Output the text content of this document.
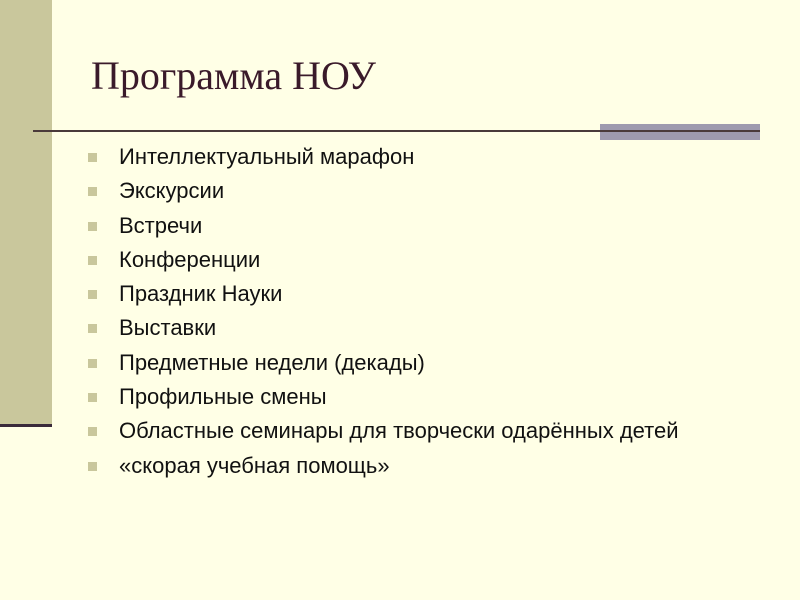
Программа НОУ
Интеллектуальный марафон
Экскурсии
Встречи
Конференции
Праздник Науки
Выставки
Предметные недели (декады)
Профильные смены
Областные семинары для творчески одарённых детей
«скорая учебная помощь»
